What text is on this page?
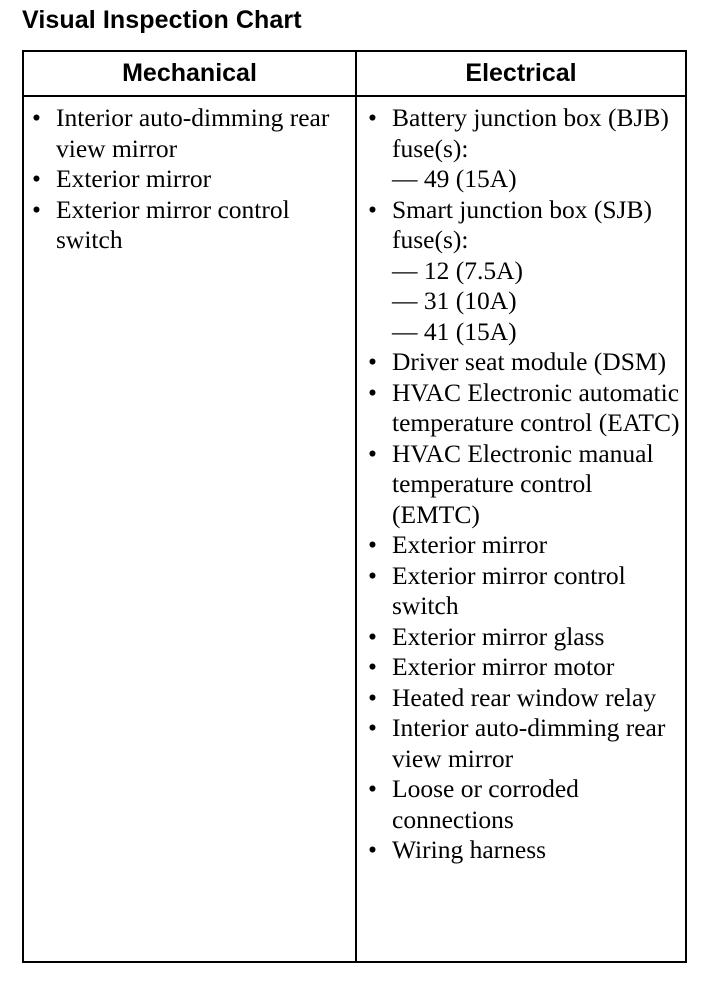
Visual Inspection Chart
Mechanical	Electrical
• Interior auto-dimming rear view mirror
• Exterior mirror
• Exterior mirror control switch
• Battery junction box (BJB) fuse(s):
— 49 (15A)
• Smart junction box (SJB) fuse(s):
— 12 (7.5A)
— 31 (10A)
— 41 (15A)
• Driver seat module (DSM)
• HVAC Electronic automatic temperature control (EATC)
• HVAC Electronic manual temperature control (EMTC)
• Exterior mirror
• Exterior mirror control switch
• Exterior mirror glass
• Exterior mirror motor
• Heated rear window relay
• Interior auto-dimming rear view mirror
• Loose or corroded connections
• Wiring harness
